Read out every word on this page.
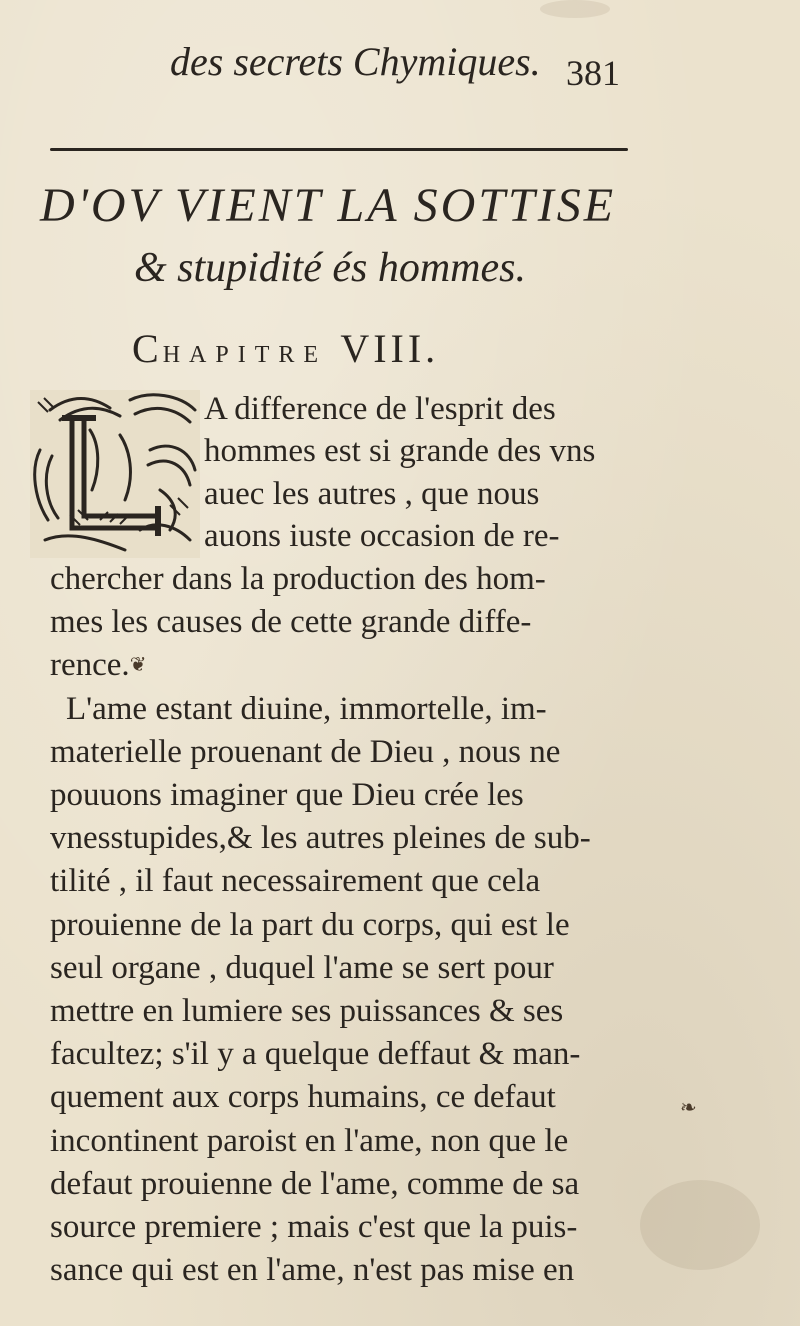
des secrets Chymiques. 381
D'OV VIENT LA SOTTISE
& stupidité és hommes.
CHAPITRE VIII.
A difference de l'esprit des
hommes est si grande des vns
auec les autres , que nous
auons iuste occasion de re-
chercher dans la production des hom-
mes les causes de cette grande diffe-
rence. ❦
L'ame estant diuine, immortelle, im-
materielle prouenant de Dieu , nous ne
pouuons imaginer que Dieu crée les
vnesstupides,& les autres pleines de sub-
tilité , il faut necessairement que cela
prouienne de la part du corps, qui est le
seul organe , duquel l'ame se sert pour
mettre en lumiere ses puissances & ses
facultez; s'il y a quelque deffaut & man-
quement aux corps humains, ce defaut
incontinent paroist en l'ame, non que le
defaut prouienne de l'ame, comme de sa
source premiere ; mais c'est que la puis-
sance qui est en l'ame, n'est pas mise en
❧
